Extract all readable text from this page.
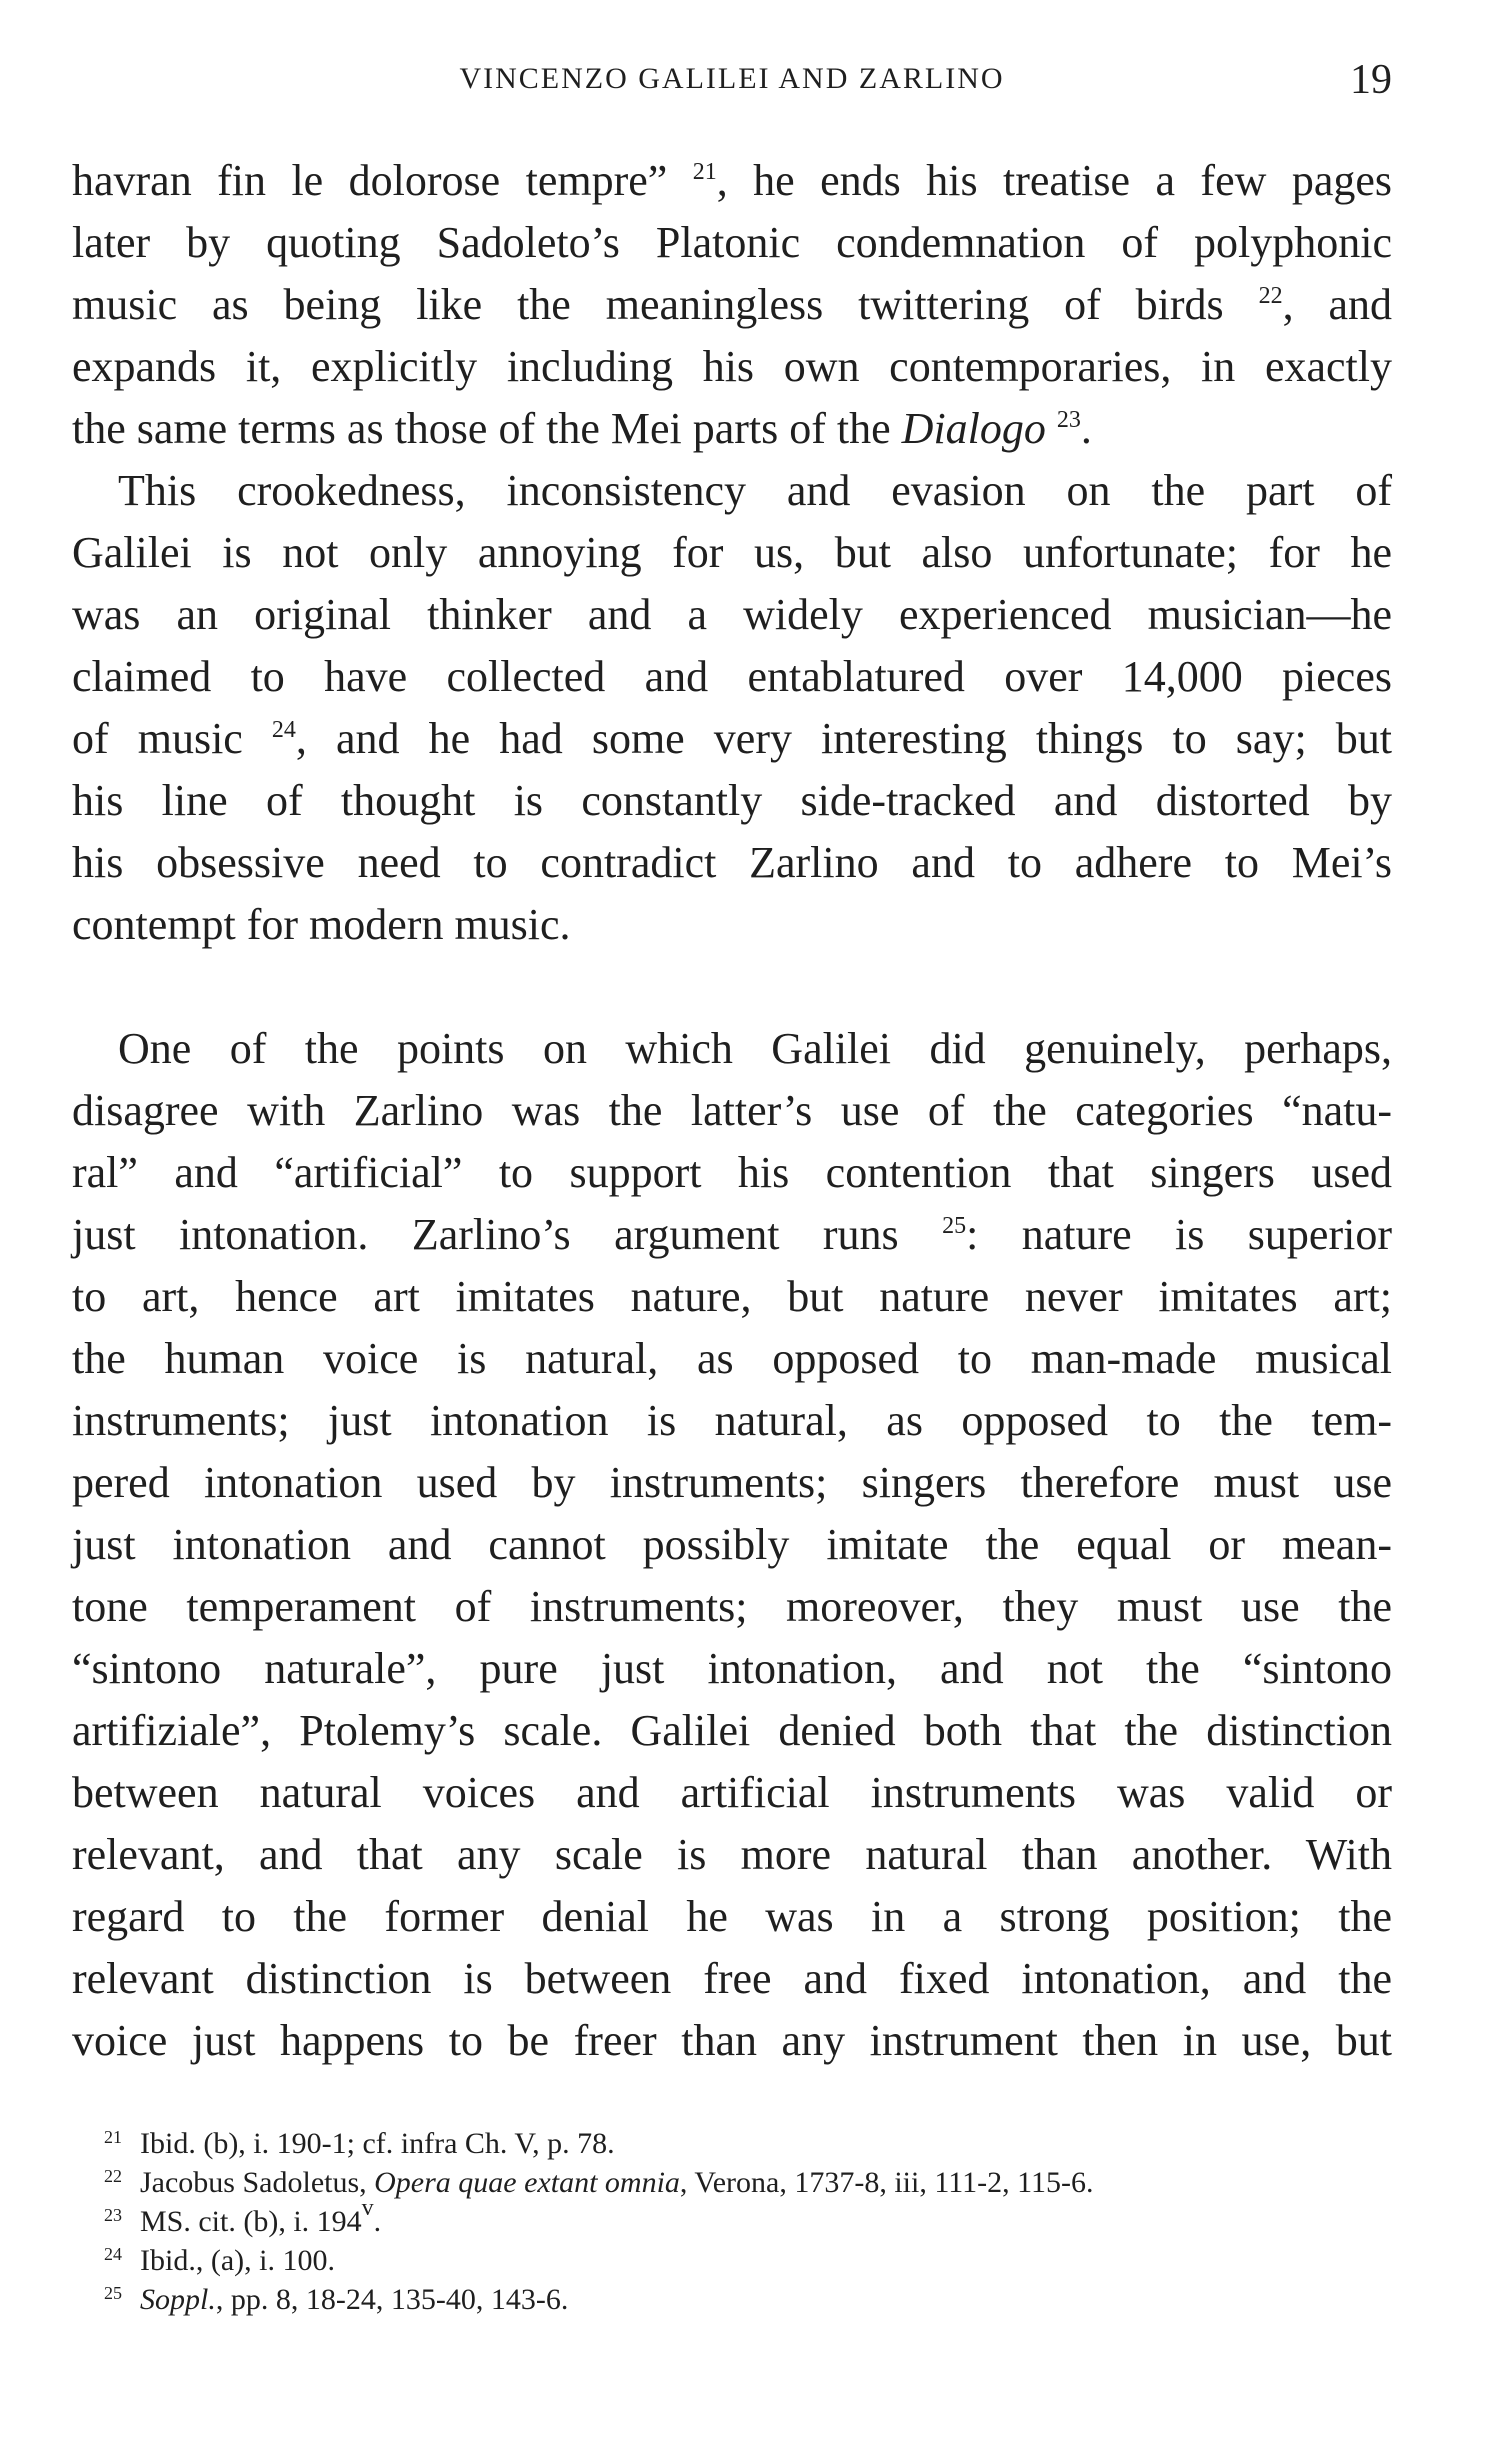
VINCENZO GALILEI AND ZARLINO	19
havran fin le dolorose tempre” $^{21}$, he ends his treatise a few pages
later by quoting Sadoleto’s Platonic condemnation of polyphonic
music as being like the meaningless twittering of birds $^{22}$, and
expands it, explicitly including his own contemporaries, in exactly
the same terms as those of the Mei parts of the Dialogo $^{23}$.
This crookedness, inconsistency and evasion on the part of
Galilei is not only annoying for us, but also unfortunate; for he
was an original thinker and a widely experienced musician—he
claimed to have collected and entablatured over 14,000 pieces
of music $^{24}$, and he had some very interesting things to say; but
his line of thought is constantly side-tracked and distorted by
his obsessive need to contradict Zarlino and to adhere to Mei’s
contempt for modern music.
One of the points on which Galilei did genuinely, perhaps,
disagree with Zarlino was the latter’s use of the categories “natu-
ral” and “artificial” to support his contention that singers used
just intonation. Zarlino’s argument runs $^{25}$: nature is superior
to art, hence art imitates nature, but nature never imitates art;
the human voice is natural, as opposed to man-made musical
instruments; just intonation is natural, as opposed to the tem-
pered intonation used by instruments; singers therefore must use
just intonation and cannot possibly imitate the equal or mean-
tone temperament of instruments; moreover, they must use the
“sintono naturale”, pure just intonation, and not the “sintono
artifiziale”, Ptolemy’s scale. Galilei denied both that the distinction
between natural voices and artificial instruments was valid or
relevant, and that any scale is more natural than another. With
regard to the former denial he was in a strong position; the
relevant distinction is between free and fixed intonation, and the
voice just happens to be freer than any instrument then in use, but
21 Ibid. (b), i. 190-1; cf. infra Ch. V, p. 78.
22 Jacobus Sadoletus, Opera quae extant omnia, Verona, 1737-8, iii, 111-2, 115-6.
23 MS. cit. (b), i. 194$^v$.
24 Ibid., (a), i. 100.
25 Soppl., pp. 8, 18-24, 135-40, 143-6.
